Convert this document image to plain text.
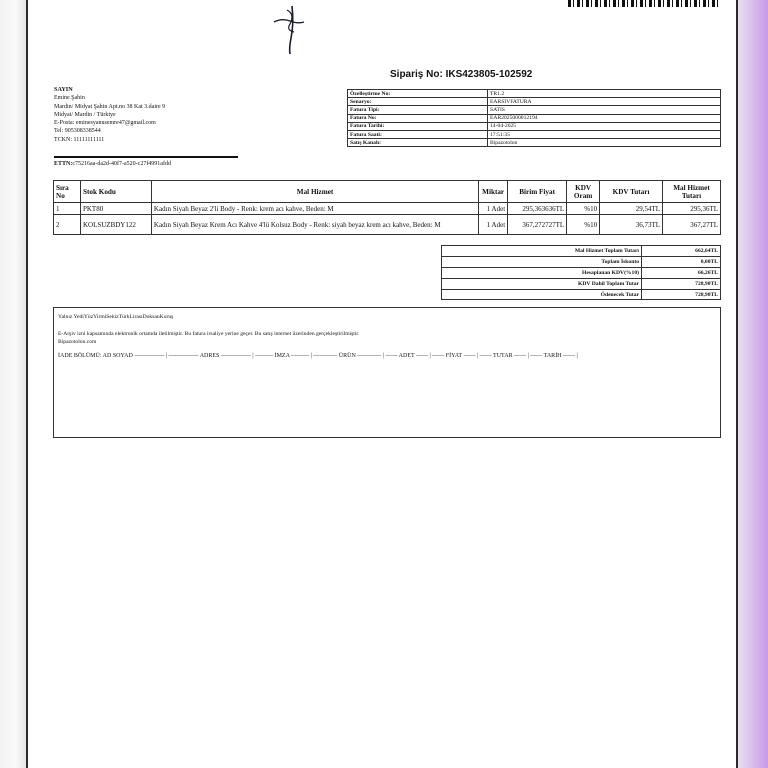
Sipariş No: IKS423805-102592
SAYIN
Emine Şahin
Mardin/ Midyat Şahin Apt.no 38 Kat 3.daire 9
Midyat/ Mardin / Türkiye
E-Posta: eminesyanusemre47@gmail.com
Tel: 905308338544
TCKN: 11111111111
ETTN:c75216aa-da2d-40f7-a520-c27f4991afdd
Özelleştirme No:	TR1.2
Senaryo:	EARSIVFATURA
Fatura Tipi:	SATIS
Fatura No:	EAR2025000012194
Fatura Tarihi:	14-04-2025
Fatura Saati:	17:51:35
Satış Kanalı:	Bipazotolon
Sıra No	Stok Kodu	Mal Hizmet	Miktar	Birim Fiyat	KDV Oranı	KDV Tutarı	Mal Hizmet Tutarı
1	PKT80	Kadın Siyah Beyaz 2'li Body - Renk: krem acı kahve, Beden: M	1 Adet	295,363636TL	%10	29,54TL	295,36TL
2	KOLSUZBDY122	Kadın Siyah Beyaz Krem Acı Kahve 4'lü Kolsuz Body - Renk: siyah beyaz krem acı kahve, Beden: M	1 Adet	367,272727TL	%10	36,73TL	367,27TL
Mal Hizmet Toplam Tutarı	662,64TL
Toplam İskonto	0,00TL
Hesaplanan KDV(%10)	66,26TL
KDV Dahil Toplam Tutar	728,90TL
Ödenecek Tutar	728,90TL
Yalnız YediYüzYirmiSekizTürkLirasıDoksanKuruş
E-Arşiv izni kapsamında elektronik ortamda iletilmiştir. Bu fatura irsaliye yerine geçer. Bu satış internet üzerinden gerçekleştirilmiştir.
Bipazotolon.com
İADE BÖLÜMÜ: AD SOYAD ————— | ————— ADRES ————— | ——— İMZA ——— | ———— ÜRÜN ———— | —— ADET —— | —— FİYAT —— | —— TUTAR —— | —— TARİH —— |
